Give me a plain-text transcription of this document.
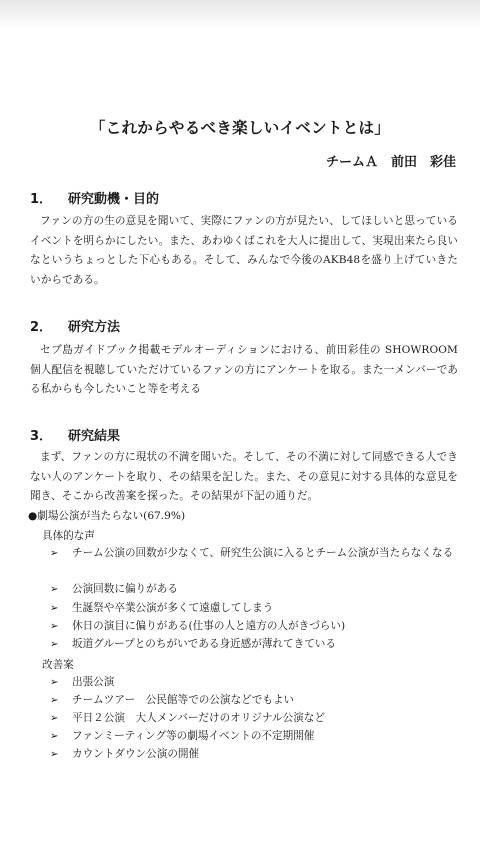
「これからやるべき楽しいイベントとは」
チームＡ　前田　彩佳
1．	研究動機・目的
ファンの方の生の意見を聞いて、実際にファンの方が見たい、してほしいと思っているイベントを明らかにしたい。また、あわゆくばこれを大人に提出して、実現出来たら良いなというちょっとした下心もある。そして、みんなで今後のAKB48を盛り上げていきたいからである。
2．	研究方法
セブ島ガイドブック掲載モデルオーディションにおける、前田彩佳の SHOWROOM 個人配信を視聴していただけているファンの方にアンケートを取る。また一メンバーである私からも今したいこと等を考える
3．	研究結果
まず、ファンの方に現状の不満を聞いた。そして、その不満に対して同感できる人できない人のアンケートを取り、その結果を記した。また、その意見に対する具体的な意見を聞き、そこから改善案を探った。その結果が下記の通りだ。
●劇場公演が当たらない(67.9%)
具体的な声
➢	チーム公演の回数が少なくて、研究生公演に入るとチーム公演が当たらなくなる
➢	公演回数に偏りがある
➢	生誕祭や卒業公演が多くて遠慮してしまう
➢	休日の演目に偏りがある(仕事の人と遠方の人がきづらい)
➢	坂道グループとのちがいである身近感が薄れてきている
改善案
➢	出張公演
➢	チームツアー　公民館等での公演などでもよい
➢	平日２公演　大人メンバーだけのオリジナル公演など
➢	ファンミーティング等の劇場イベントの不定期開催
➢	カウントダウン公演の開催
